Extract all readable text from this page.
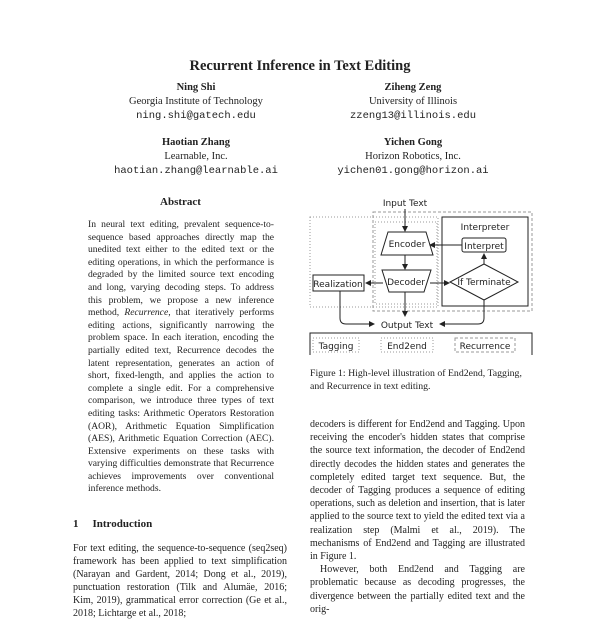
Recurrent Inference in Text Editing
Ning Shi
Georgia Institute of Technology
ning.shi@gatech.edu
Ziheng Zeng
University of Illinois
zzeng13@illinois.edu
Haotian Zhang
Learnable, Inc.
haotian.zhang@learnable.ai
Yichen Gong
Horizon Robotics, Inc.
yichen01.gong@horizon.ai
Abstract
In neural text editing, prevalent sequence-to-sequence based approaches directly map the unedited text either to the edited text or the editing operations, in which the performance is degraded by the limited source text encoding and long, varying decoding steps. To address this problem, we propose a new inference method, Recurrence, that iteratively performs editing actions, significantly narrowing the problem space. In each iteration, encoding the partially edited text, Recurrence decodes the latent representation, generates an action of short, fixed-length, and applies the action to complete a single edit. For a comprehensive comparison, we introduce three types of text editing tasks: Arithmetic Operators Restoration (AOR), Arithmetic Equation Simplification (AES), Arithmetic Equation Correction (AEC). Extensive experiments on these tasks with varying difficulties demonstrate that Recurrence achieves improvements over conventional inference methods.
1 Introduction
For text editing, the sequence-to-sequence (seq2seq) framework has been applied to text simplification (Narayan and Gardent, 2014; Dong et al., 2019), punctuation restoration (Tilk and Alumäe, 2016; Kim, 2019), grammatical error correction (Ge et al., 2018; Lichtarge et al., 2018;
Interpreter
Input Text
Encoder
Decoder
Realization	If Terminate
Interpret
Output Text
Tagging	End2end	Recurrence
Figure 1: High-level illustration of End2end, Tagging, and Recurrence in text editing.

decoders is different for End2end and Tagging. Upon receiving the encoder's hidden states that comprise the source text information, the decoder of End2end directly decodes the hidden states and generates the completely edited target text sequence. But, the decoder of Tagging produces a sequence of editing operations, such as deletion and insertion, that is later applied to the source text to yield the edited text via a realization step (Malmi et al., 2019). The mechanisms of End2end and Tagging are illustrated in Figure 1.

However, both End2end and Tagging are problematic because as decoding progresses, the divergence between the partially edited text and the orig-
